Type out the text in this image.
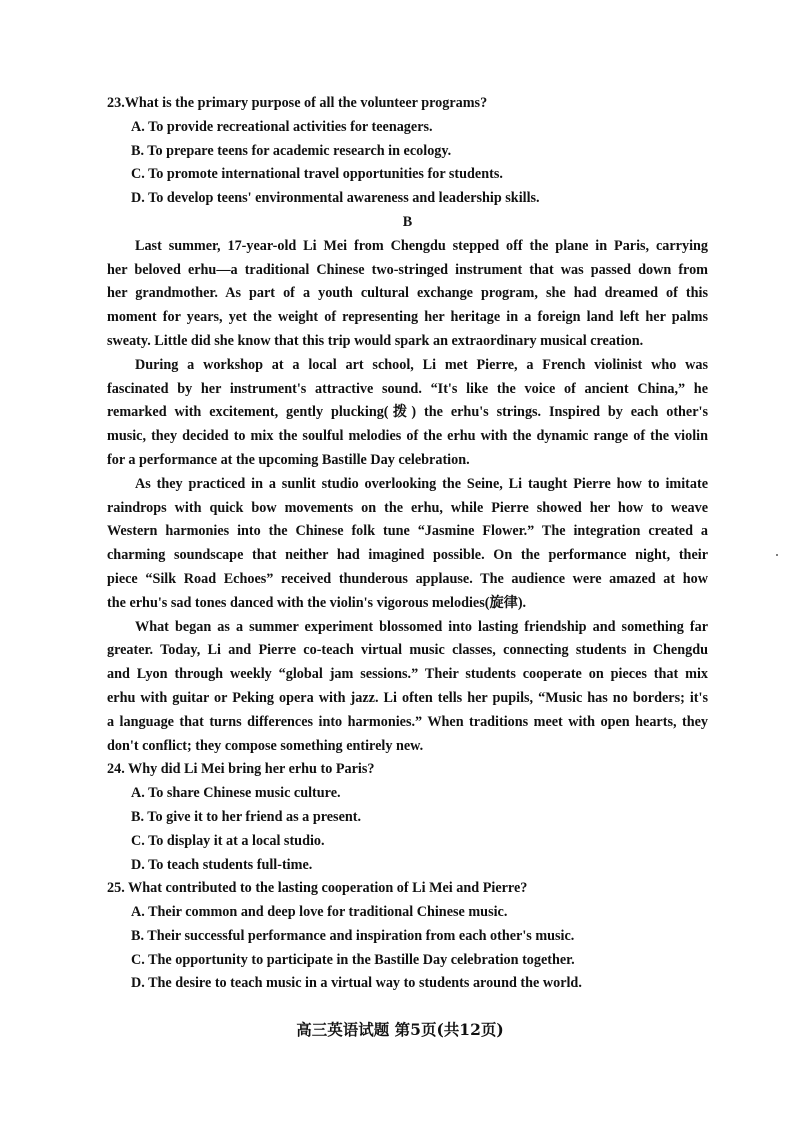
23.What is the primary purpose of all the volunteer programs?
A. To provide recreational activities for teenagers.
B. To prepare teens for academic research in ecology.
C. To promote international travel opportunities for students.
D. To develop teens' environmental awareness and leadership skills.
B
Last summer, 17-year-old Li Mei from Chengdu stepped off the plane in Paris, carrying
her beloved erhu—a traditional Chinese two-stringed instrument that was passed down from
her grandmother. As part of a youth cultural exchange program, she had dreamed of this
moment for years, yet the weight of representing her heritage in a foreign land left her palms
sweaty. Little did she know that this trip would spark an extraordinary musical creation.
During a workshop at a local art school, Li met Pierre, a French violinist who was
fascinated by her instrument's attractive sound. “It's like the voice of ancient China,” he
remarked with excitement, gently plucking(拨) the erhu's strings. Inspired by each other's
music, they decided to mix the soulful melodies of the erhu with the dynamic range of the violin
for a performance at the upcoming Bastille Day celebration.
As they practiced in a sunlit studio overlooking the Seine, Li taught Pierre how to imitate
raindrops with quick bow movements on the erhu, while Pierre showed her how to weave
Western harmonies into the Chinese folk tune “Jasmine Flower.” The integration created a
charming soundscape that neither had imagined possible. On the performance night, their
piece “Silk Road Echoes” received thunderous applause. The audience were amazed at how
the erhu's sad tones danced with the violin's vigorous melodies(旋律).
What began as a summer experiment blossomed into lasting friendship and something far
greater. Today, Li and Pierre co-teach virtual music classes, connecting students in Chengdu
and Lyon through weekly “global jam sessions.” Their students cooperate on pieces that mix
erhu with guitar or Peking opera with jazz. Li often tells her pupils, “Music has no borders; it's
a language that turns differences into harmonies.” When traditions meet with open hearts, they
don't conflict; they compose something entirely new.
24. Why did Li Mei bring her erhu to Paris?
A. To share Chinese music culture.
B. To give it to her friend as a present.
C. To display it at a local studio.
D. To teach students full-time.
25. What contributed to the lasting cooperation of Li Mei and Pierre?
A. Their common and deep love for traditional Chinese music.
B. Their successful performance and inspiration from each other's music.
C. The opportunity to participate in the Bastille Day celebration together.
D. The desire to teach music in a virtual way to students around the world.
高三英语试题 第5页(共12页)
